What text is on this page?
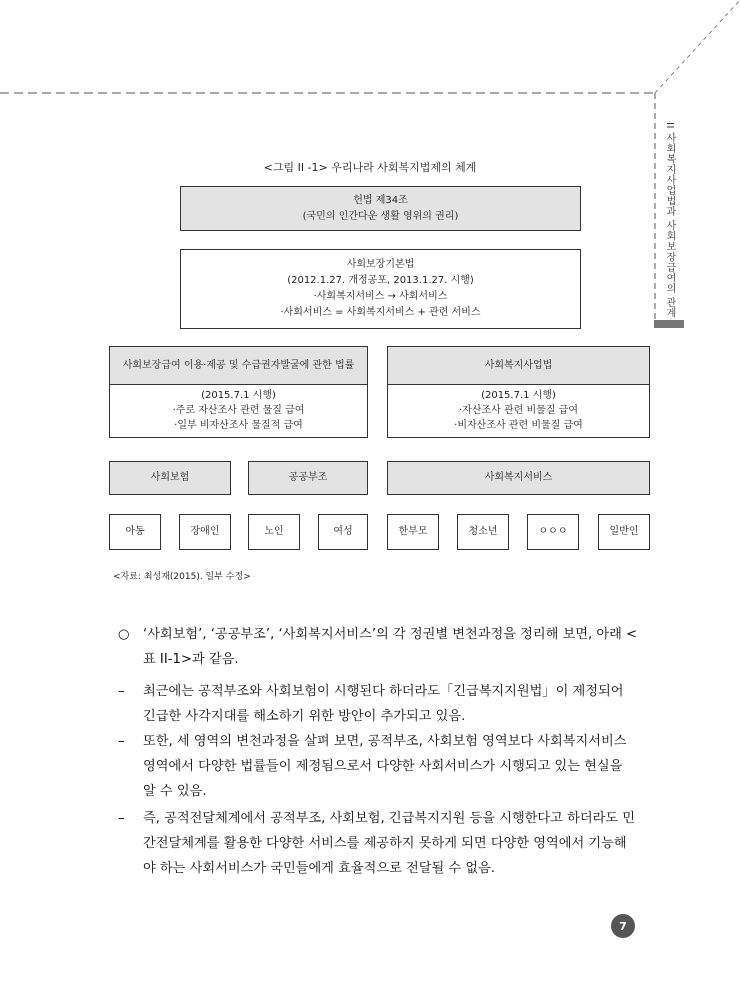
II 사회복지사업법과 사회보장급여의 관계
<그림 II -1> 우리나라 사회복지법제의 체계
헌법 제34조
(국민의 인간다운 생활 영위의 권리)
사회보장기본법
(2012.1.27. 개정공포, 2013.1.27. 시행)
·사회복지서비스 → 사회서비스
·사회서비스 = 사회복지서비스 + 관련 서비스
사회보장급여 이용·제공 및 수급권자발굴에 관한 법률
(2015.7.1 시행)
·주로 자산조사 관련 물질 급여
·일부 비자산조사 물질적 급여
사회복지사업법
(2015.7.1 시행)
·자산조사 관련 비물질 급여
·비자산조사 관련 비물질 급여
사회보험	공공부조	사회복지서비스
아동	장애인	노인	여성	한부모	청소년	ㅇㅇㅇ	일반인
<자료: 최성재(2015). 일부 수정>
○ ‘사회보험’, ‘공공부조’, ‘사회복지서비스’의 각 정권별 변천과정을 정리해 보면, 아래 <표 II-1>과 같음.
– 최근에는 공적부조와 사회보험이 시행된다 하더라도「긴급복지지원법」이 제정되어 긴급한 사각지대를 해소하기 위한 방안이 추가되고 있음.
– 또한, 세 영역의 변천과정을 살펴 보면, 공적부조, 사회보험 영역보다 사회복지서비스 영역에서 다양한 법률들이 제정됨으로서 다양한 사회서비스가 시행되고 있는 현실을 알 수 있음.
– 즉, 공적전달체계에서 공적부조, 사회보험, 긴급복지지원 등을 시행한다고 하더라도 민간전달체계를 활용한 다양한 서비스를 제공하지 못하게 되면 다양한 영역에서 기능해야 하는 사회서비스가 국민들에게 효율적으로 전달될 수 없음.
7
